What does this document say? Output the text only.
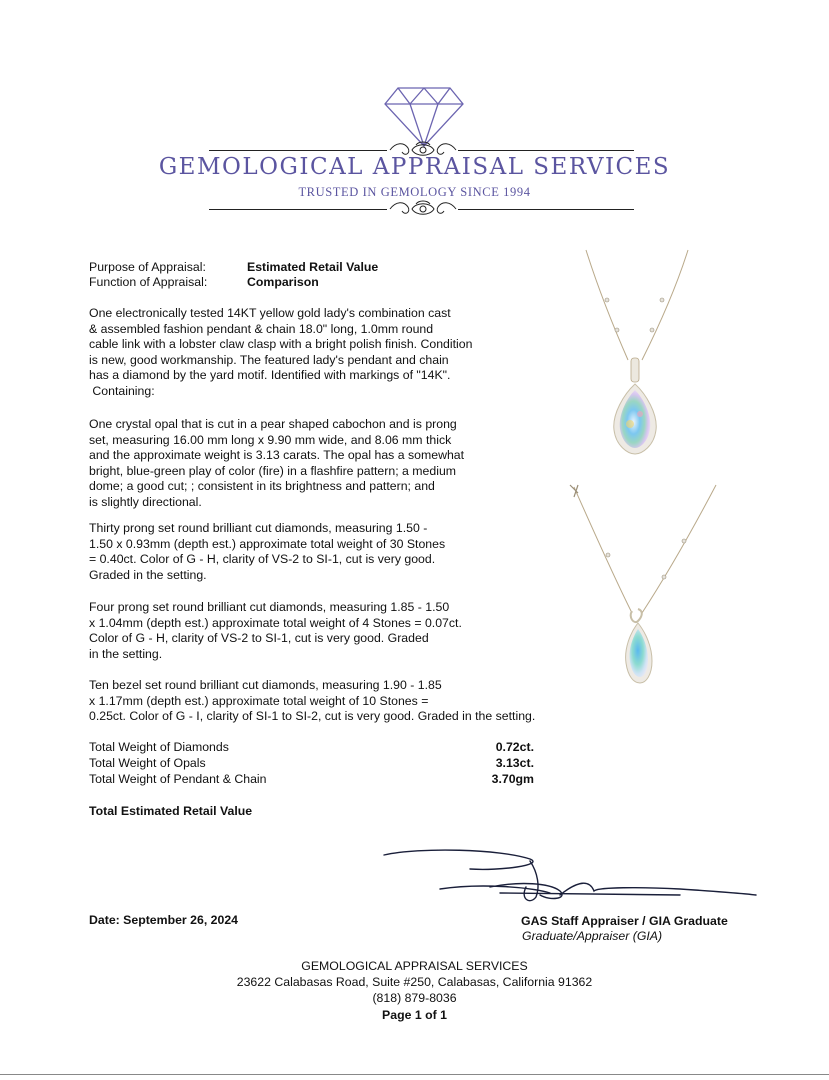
GEMOLOGICAL APPRAISAL SERVICES
TRUSTED IN GEMOLOGY SINCE 1994
Purpose of Appraisal:	Estimated Retail Value
Function of Appraisal:	Comparison
One electronically tested 14KT yellow gold lady's combination cast
& assembled fashion pendant & chain 18.0" long, 1.0mm round
cable link with a lobster claw clasp with a bright polish finish. Condition
is new, good workmanship. The featured lady's pendant and chain
has a diamond by the yard motif. Identified with markings of "14K".
Containing:
One crystal opal that is cut in a pear shaped cabochon and is prong
set, measuring 16.00 mm long x 9.90 mm wide, and 8.06 mm thick
and the approximate weight is 3.13 carats. The opal has a somewhat
bright, blue-green play of color (fire) in a flashfire pattern; a medium
dome; a good cut; ; consistent in its brightness and pattern; and
is slightly directional.
Thirty prong set round brilliant cut diamonds, measuring 1.50 -
1.50 x 0.93mm (depth est.) approximate total weight of 30 Stones
= 0.40ct. Color of G - H, clarity of VS-2 to SI-1, cut is very good.
Graded in the setting.
Four prong set round brilliant cut diamonds, measuring 1.85 - 1.50
x 1.04mm (depth est.) approximate total weight of 4 Stones = 0.07ct.
Color of G - H, clarity of VS-2 to SI-1, cut is very good. Graded
in the setting.
Ten bezel set round brilliant cut diamonds, measuring 1.90 - 1.85
x 1.17mm (depth est.) approximate total weight of 10 Stones =
0.25ct. Color of G - I, clarity of SI-1 to SI-2, cut is very good. Graded in the setting.
Total Weight of Diamonds	0.72ct.
Total Weight of Opals	3.13ct.
Total Weight of Pendant & Chain	3.70gm
Total Estimated Retail Value
Date: September 26, 2024	GAS Staff Appraiser / GIA Graduate
Graduate/Appraiser (GIA)
GEMOLOGICAL APPRAISAL SERVICES
23622 Calabasas Road, Suite #250, Calabasas, California 91362
(818) 879-8036
Page 1 of 1
